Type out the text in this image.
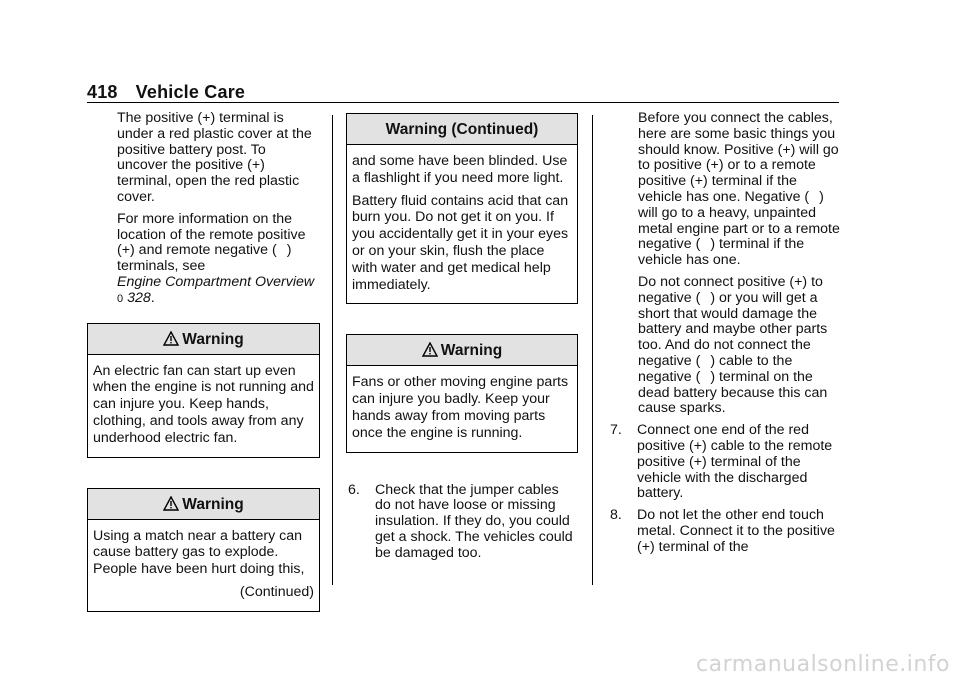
418 Vehicle Care

The positive (+) terminal is under a red plastic cover at the positive battery post. To uncover the positive (+) terminal, open the red plastic cover.

For more information on the location of the remote positive (+) and remote negative ( ) terminals, see
Engine Compartment Overview
0 328.

Warning

An electric fan can start up even when the engine is not running and can injure you. Keep hands, clothing, and tools away from any underhood electric fan.

Warning

Using a match near a battery can cause battery gas to explode. People have been hurt doing this,

(Continued)

Warning (Continued)

and some have been blinded. Use a flashlight if you need more light.

Battery fluid contains acid that can burn you. Do not get it on you. If you accidentally get it in your eyes or on your skin, flush the place with water and get medical help immediately.

Warning

Fans or other moving engine parts can injure you badly. Keep your hands away from moving parts once the engine is running.

6.	Check that the jumper cables do not have loose or missing insulation. If they do, you could get a shock. The vehicles could be damaged too.

Before you connect the cables, here are some basic things you should know. Positive (+) will go to positive (+) or to a remote positive (+) terminal if the vehicle has one. Negative ( ) will go to a heavy, unpainted metal engine part or to a remote negative ( ) terminal if the vehicle has one.

Do not connect positive (+) to negative ( ) or you will get a short that would damage the battery and maybe other parts too. And do not connect the negative ( ) cable to the negative ( ) terminal on the dead battery because this can cause sparks.

7.	Connect one end of the red positive (+) cable to the remote positive (+) terminal of the vehicle with the discharged battery.
8.	Do not let the other end touch metal. Connect it to the positive (+) terminal of the
carmanualsonline.info
